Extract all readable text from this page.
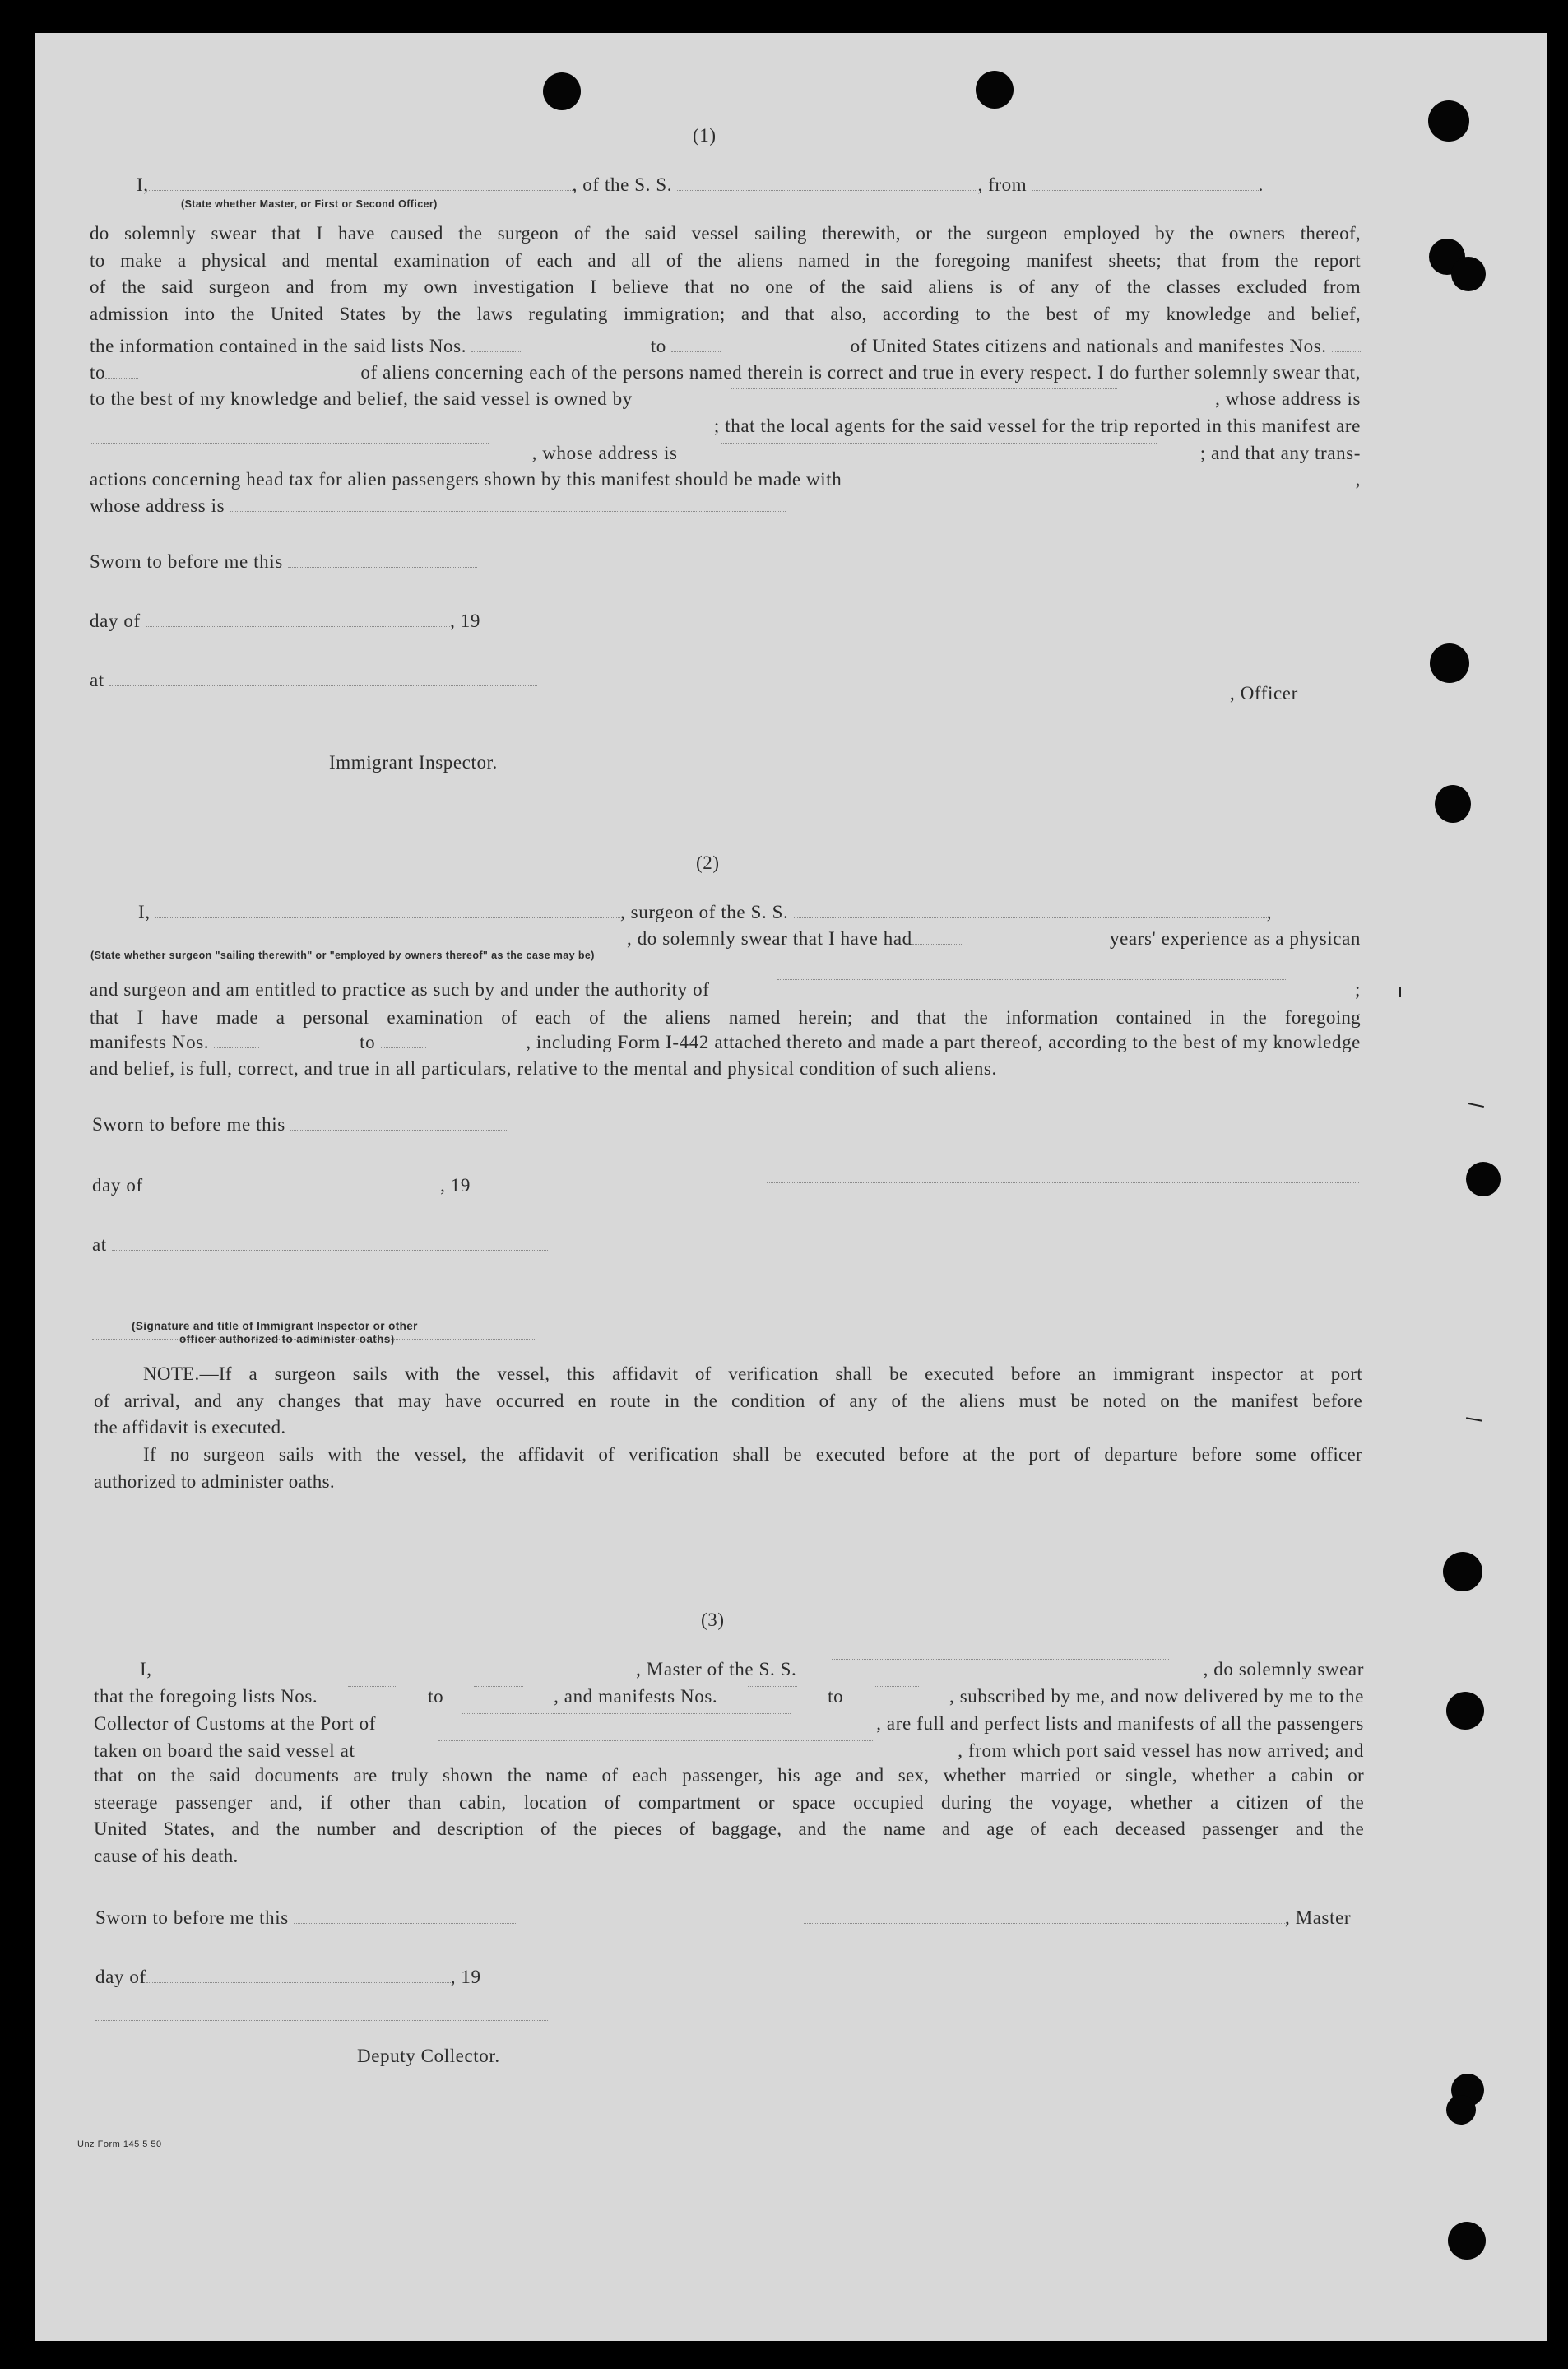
(1)
I,	, of the S. S.	, from	.
(State whether Master, or First or Second Officer)
do solemnly swear that I have caused the surgeon of the said vessel sailing therewith, or the surgeon employed by the owners thereof,
to make a physical and mental examination of each and all of the aliens named in the foregoing manifest sheets; that from the report
of the said surgeon and from my own investigation I believe that no one of the said aliens is of any of the classes excluded from
admission into the United States by the laws regulating immigration; and that also, according to the best of my knowledge and belief,
the information contained in the said lists Nos.	to	of United States citizens and nationals and manifestes Nos.
to	of aliens concerning each of the persons named therein is correct and true in every respect. I do further solemnly swear that,
to the best of my knowledge and belief, the said vessel is owned by	, whose address is
; that the local agents for the said vessel for the trip reported in this manifest are
, whose address is	; and that any trans-
actions concerning head tax for alien passengers shown by this manifest should be made with	,
whose address is
Sworn to before me this
day of	, 19
at
, Officer
Immigrant Inspector.
(2)
I,	, surgeon of the S. S.	,
, do solemnly swear that I have had	years' experience as a physican
(State whether surgeon "sailing therewith" or "employed by owners thereof" as the case may be)
and surgeon and am entitled to practice as such by and under the authority of	;
that I have made a personal examination of each of the aliens named herein; and that the information contained in the foregoing
manifests Nos.	to	, including Form I-442 attached thereto and made a part thereof, according to the best of my knowledge
and belief, is full, correct, and true in all particulars, relative to the mental and physical condition of such aliens.
Sworn to before me this
day of	, 19
at
(Signature and title of Immigrant Inspector or other
officer authorized to administer oaths)
NOTE.—If a surgeon sails with the vessel, this affidavit of verification shall be executed before an immigrant inspector at port
of arrival, and any changes that may have occurred en route in the condition of any of the aliens must be noted on the manifest before
the affidavit is executed.
If no surgeon sails with the vessel, the affidavit of verification shall be executed before at the port of departure before some officer
authorized to administer oaths.
(3)
I,	, Master of the S. S.	, do solemnly swear
that the foregoing lists Nos.	to	, and manifests Nos.	to	, subscribed by me, and now delivered by me to the
Collector of Customs at the Port of	, are full and perfect lists and manifests of all the passengers
taken on board the said vessel at	, from which port said vessel has now arrived; and
that on the said documents are truly shown the name of each passenger, his age and sex, whether married or single, whether a cabin or
steerage passenger and, if other than cabin, location of compartment or space occupied during the voyage, whether a citizen of the
United States, and the number and description of the pieces of baggage, and the name and age of each deceased passenger and the
cause of his death.
Sworn to before me this	, Master
day of	, 19
Deputy Collector.
Unz Form 145 5 50
